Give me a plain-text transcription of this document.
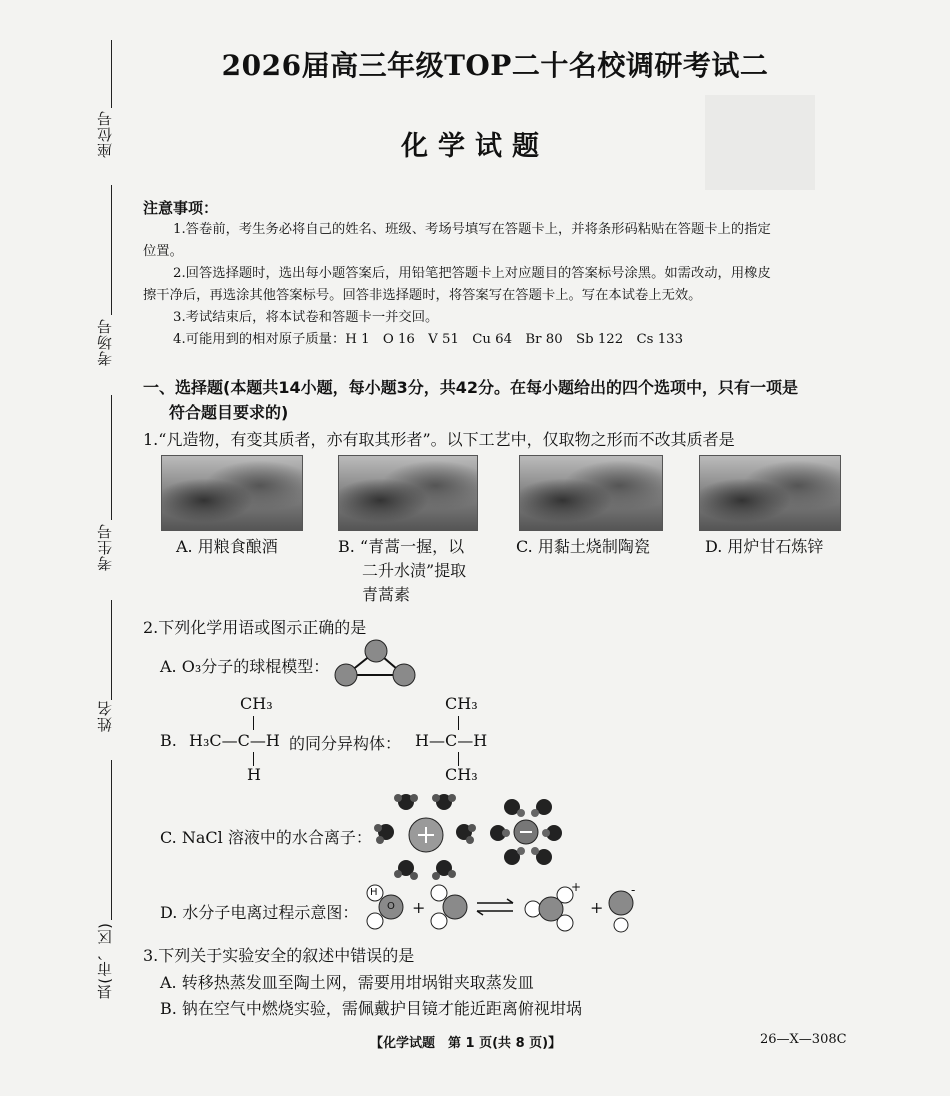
座位号
考场号
考生号
姓名
县(市、区)
2026届高三年级TOP二十名校调研考试二
化学试题
注意事项：
1.答卷前，考生务必将自己的姓名、班级、考场号填写在答题卡上，并将条形码粘贴在答题卡上的指定
位置。
2.回答选择题时，选出每小题答案后，用铅笔把答题卡上对应题目的答案标号涂黑。如需改动，用橡皮
擦干净后，再选涂其他答案标号。回答非选择题时，将答案写在答题卡上。写在本试卷上无效。
3.考试结束后，将本试卷和答题卡一并交回。
4.可能用到的相对原子质量：H 1　O 16　V 51　Cu 64　Br 80　Sb 122　Cs 133
一、选择题(本题共14小题，每小题3分，共42分。在每小题给出的四个选项中，只有一项是
符合题目要求的)
1.“凡造物，有变其质者，亦有取其形者”。以下工艺中，仅取物之形而不改其质者是
A. 用粮食酿酒	B. “青蒿一握，以
二升水渍”提取
青蒿素
C. 用黏土烧制陶瓷	D. 用炉甘石炼锌
2.下列化学用语或图示正确的是
A. O₃分子的球棍模型：
B.
CH₃
H₃C—C—H
H
的同分异构体：
CH₃
H—C—H
CH₃
C. NaCl 溶液中的水合离子：
D. 水分子电离过程示意图：
H
O +	+
+	-
3.下列关于实验安全的叙述中错误的是
A. 转移热蒸发皿至陶土网，需要用坩埚钳夹取蒸发皿
B. 钠在空气中燃烧实验，需佩戴护目镜才能近距离俯视坩埚
【化学试题　第 1 页(共 8 页)】	26—X—308C
